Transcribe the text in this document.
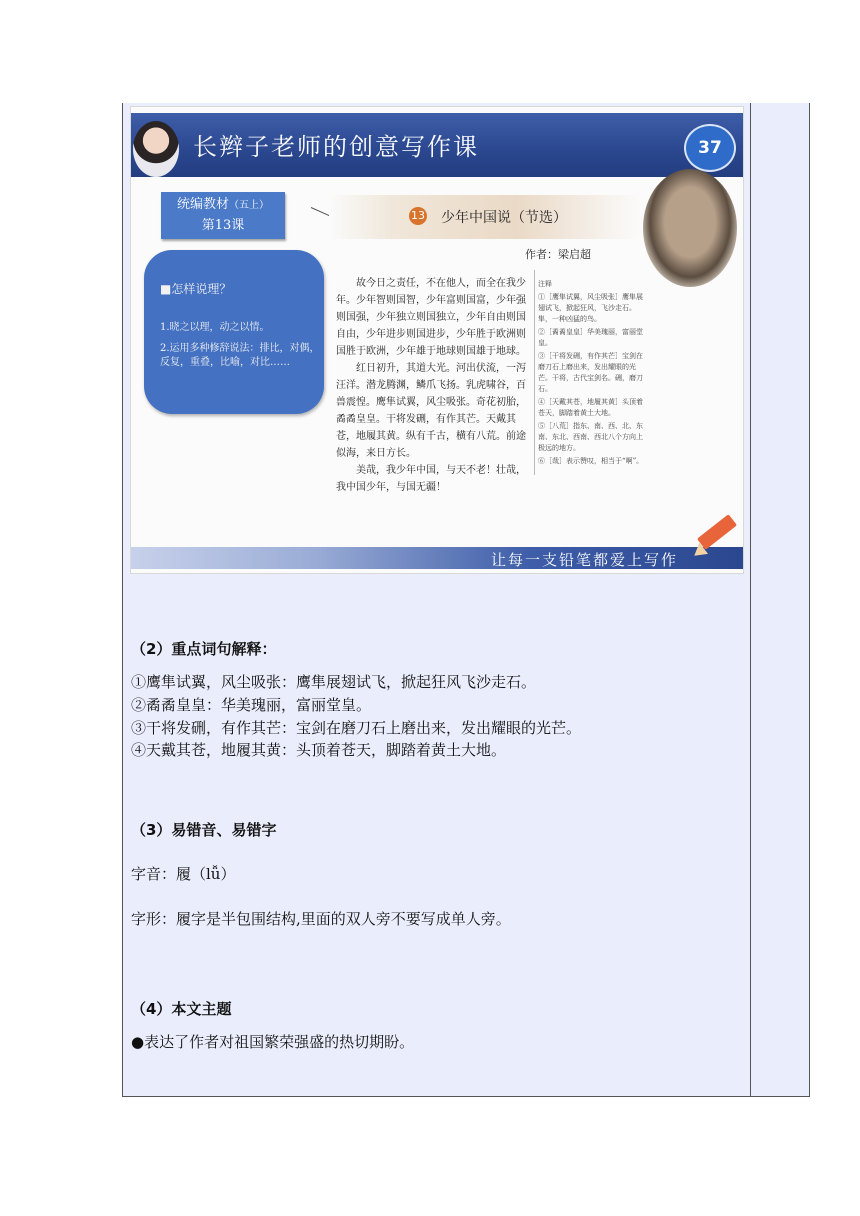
长辫子老师的创意写作课	37
统编教材（五上）
第13课
■怎样说理？
1.晓之以理，动之以情。
2.运用多种修辞说法：排比，对偶，反复，重叠，比喻，对比……
13 少年中国说（节选）
作者：梁启超

故今日之责任，不在他人，而全在我少年。少年智则国智，少年富则国富，少年强则国强，少年独立则国独立，少年自由则国自由，少年进步则国进步，少年胜于欧洲则国胜于欧洲，少年雄于地球则国雄于地球。

红日初升，其道大光。河出伏流，一泻汪洋。潜龙腾渊，鳞爪飞扬。乳虎啸谷，百兽震惶。鹰隼试翼，风尘吸张。奇花初胎，矞矞皇皇。干将发硎，有作其芒。天戴其苍，地履其黄。纵有千古，横有八荒。前途似海，来日方长。

美哉，我少年中国，与天不老！壮哉，我中国少年，与国无疆！

注释
①［鹰隼试翼，风尘吸张］鹰隼展翅试飞，掀起狂风，飞沙走石。隼，一种凶猛的鸟。
②［矞矞皇皇］华美瑰丽，富丽堂皇。
③［干将发硎，有作其芒］宝剑在磨刀石上磨出来，发出耀眼的光芒。干将，古代宝剑名。硎，磨刀石。
④［天戴其苍，地履其黄］头顶着苍天，脚踏着黄土大地。
⑤［八荒］指东、南、西、北、东南、东北、西南、西北八个方向上极远的地方。
⑥［哉］表示赞叹，相当于“啊”。
让每一支铅笔都爱上写作
（2）重点词句解释：
①鹰隼试翼，风尘吸张：鹰隼展翅试飞，掀起狂风飞沙走石。
②矞矞皇皇：华美瑰丽，富丽堂皇。
③干将发硎，有作其芒：宝剑在磨刀石上磨出来，发出耀眼的光芒。
④天戴其苍，地履其黄：头顶着苍天，脚踏着黄土大地。
（3）易错音、易错字
字音：履（lǚ）
字形：履字是半包围结构,里面的双人旁不要写成单人旁。
（4）本文主题
●表达了作者对祖国繁荣强盛的热切期盼。
